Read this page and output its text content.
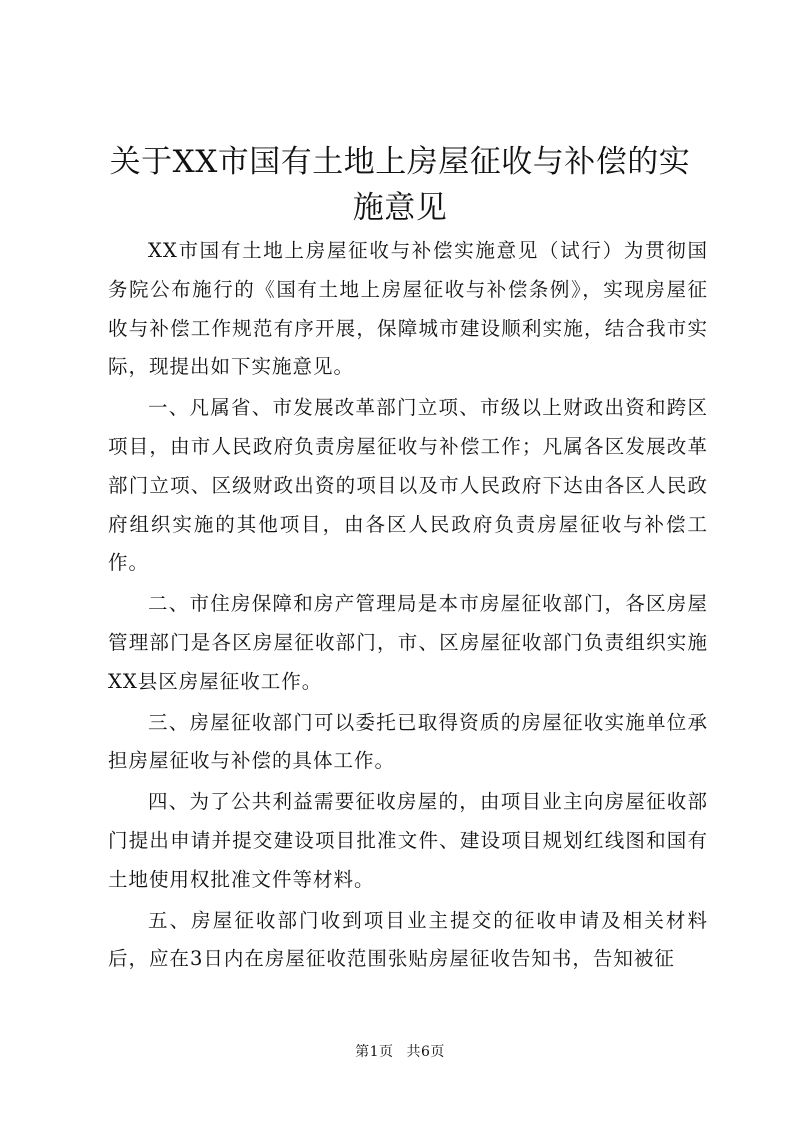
关于XX市国有土地上房屋征收与补偿的实施意见

XX市国有土地上房屋征收与补偿实施意见（试行）为贯彻国务院公布施行的《国有土地上房屋征收与补偿条例》，实现房屋征收与补偿工作规范有序开展，保障城市建设顺利实施，结合我市实际，现提出如下实施意见。

一、凡属省、市发展改革部门立项、市级以上财政出资和跨区项目，由市人民政府负责房屋征收与补偿工作；凡属各区发展改革部门立项、区级财政出资的项目以及市人民政府下达由各区人民政府组织实施的其他项目，由各区人民政府负责房屋征收与补偿工作。

二、市住房保障和房产管理局是本市房屋征收部门，各区房屋管理部门是各区房屋征收部门，市、区房屋征收部门负责组织实施XX县区房屋征收工作。

三、房屋征收部门可以委托已取得资质的房屋征收实施单位承担房屋征收与补偿的具体工作。

四、为了公共利益需要征收房屋的，由项目业主向房屋征收部门提出申请并提交建设项目批准文件、建设项目规划红线图和国有土地使用权批准文件等材料。

五、房屋征收部门收到项目业主提交的征收申请及相关材料后，应在3日内在房屋征收范围张贴房屋征收告知书，告知被征

第1页 共6页
